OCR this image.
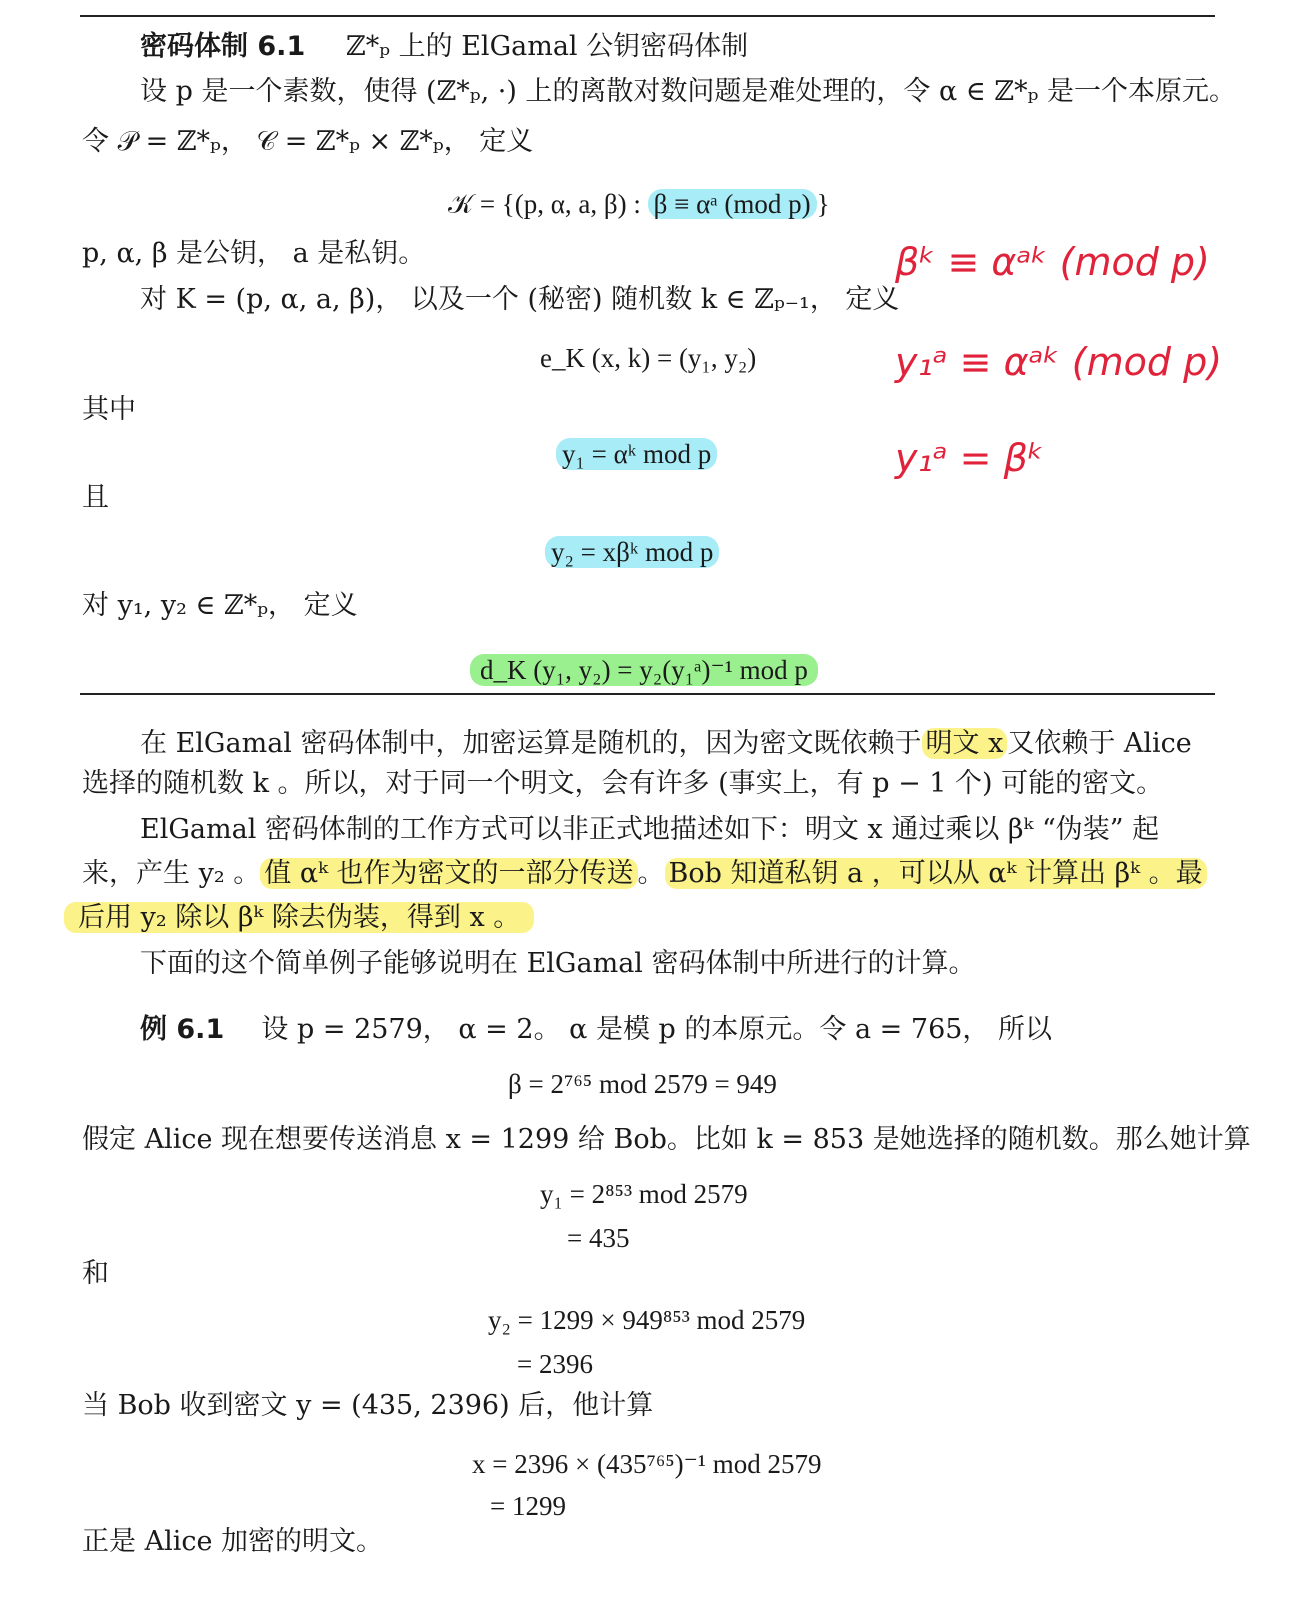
密码体制 6.1 ℤ*ₚ 上的 ElGamal 公钥密码体制
设 p 是一个素数，使得 (ℤ*ₚ, ·) 上的离散对数问题是难处理的，令 α ∈ ℤ*ₚ 是一个本原元。
令 𝒫 = ℤ*ₚ， 𝒞 = ℤ*ₚ × ℤ*ₚ， 定义
𝒦 = {(p, α, a, β) : β ≡ αᵃ (mod p) }
p, α, β 是公钥， a 是私钥。
对 K = (p, α, a, β)， 以及一个 (秘密) 随机数 k ∈ ℤₚ₋₁， 定义
e_K (x, k) = (y₁, y₂)
其中
y₁ = αᵏ mod p
且
y₂ = xβᵏ mod p
对 y₁, y₂ ∈ ℤ*ₚ， 定义
d_K (y₁, y₂) = y₂(y₁ᵃ)⁻¹ mod p
βᵏ ≡ αᵃᵏ (mod p)
y₁ᵃ ≡ αᵃᵏ (mod p)
y₁ᵃ = βᵏ
在 ElGamal 密码体制中，加密运算是随机的，因为密文既依赖于 明文 x 又依赖于 Alice
选择的随机数 k 。所以，对于同一个明文，会有许多 (事实上，有 p − 1 个) 可能的密文。
ElGamal 密码体制的工作方式可以非正式地描述如下：明文 x 通过乘以 βᵏ “伪装” 起
来，产生 y₂ 。 值 αᵏ 也作为密文的一部分传送 。 Bob 知道私钥 a ，可以从 αᵏ 计算出 βᵏ 。最
后用 y₂ 除以 βᵏ 除去伪装，得到 x 。
下面的这个简单例子能够说明在 ElGamal 密码体制中所进行的计算。
例 6.1 设 p = 2579， α = 2。 α 是模 p 的本原元。令 a = 765， 所以
β = 2⁷⁶⁵ mod 2579 = 949
假定 Alice 现在想要传送消息 x = 1299 给 Bob。比如 k = 853 是她选择的随机数。那么她计算
y₁ = 2⁸⁵³ mod 2579
= 435
和
y₂ = 1299 × 949⁸⁵³ mod 2579
= 2396
当 Bob 收到密文 y = (435, 2396) 后，他计算
x = 2396 × (435⁷⁶⁵)⁻¹ mod 2579
= 1299
正是 Alice 加密的明文。
